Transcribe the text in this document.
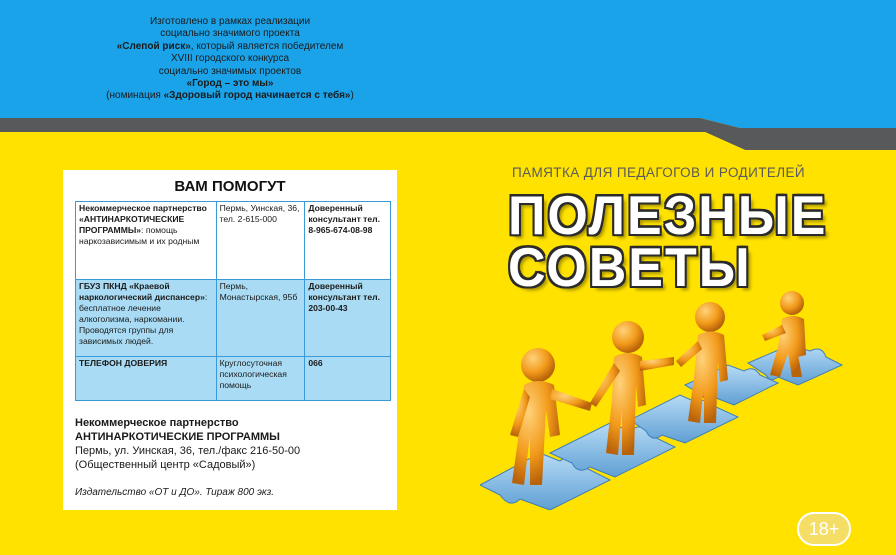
Изготовлено в рамках реализации
социально значимого проекта
«Слепой риск», который является победителем
XVIII городского конкурса
социально значимых проектов
«Город – это мы»
(номинация «Здоровый город начинается с тебя»)
ВАМ ПОМОГУТ
Некоммерческое партнерство «АНТИНАРКОТИЧЕСКИЕ ПРОГРАММЫ»: помощь наркозависимым и их родным	Пермь, Уинская, 36, тел. 2-615-000	Доверенный консультант тел. 8-965-674-08-98
ГБУЗ ПКНД «Краевой наркологический диспансер»: бесплатное лечение алкоголизма, наркомании. Проводятся группы для зависимых людей.	Пермь, Монастырская, 95б	Доверенный консультант тел. 203-00-43
ТЕЛЕФОН ДОВЕРИЯ	Круглосуточная психологическая помощь	066
Некоммерческое партнерство
АНТИНАРКОТИЧЕСКИЕ ПРОГРАММЫ
Пермь, ул. Уинская, 36, тел./факс 216-50-00
(Общественный центр «Садовый»)
Издательство «ОТ и ДО». Тираж 800 экз.
ПАМЯТКА ДЛЯ ПЕДАГОГОВ И РОДИТЕЛЕЙ
ПОЛЕЗНЫЕ
СОВЕТЫ
18+
